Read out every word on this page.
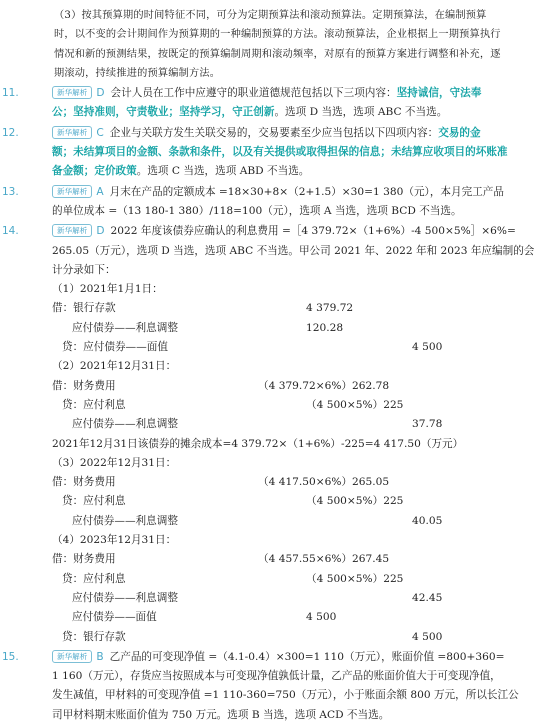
（3）按其预算期的时间特征不同，可分为定期预算法和滚动预算法。定期预算法，在编制预算
时，以不变的会计期间作为预算期的一种编制预算的方法。滚动预算法，企业根据上一期预算执行
情况和新的预测结果，按既定的预算编制周期和滚动频率，对原有的预算方案进行调整和补充，逐
期滚动，持续推进的预算编制方法。
11.	新华解析 D 会计人员在工作中应遵守的职业道德规范包括以下三项内容：坚持诚信，守法奉
公；坚持准则，守责敬业；坚持学习，守正创新。选项 D 当选，选项 ABC 不当选。
12.	新华解析 C 企业与关联方发生关联交易的，交易要素至少应当包括以下四项内容：交易的金
额；未结算项目的金额、条款和条件，以及有关提供或取得担保的信息；未结算应收项目的坏账准
备金额；定价政策。选项 C 当选，选项 ABD 不当选。
13.	新华解析 A 月末在产品的定额成本 =18×30+8×（2+1.5）×30=1 380（元），本月完工产品
的单位成本 =（13 180-1 380）/118=100（元），选项 A 当选，选项 BCD 不当选。
14.	新华解析 D 2022 年度该债券应确认的利息费用 =［4 379.72×（1+6%）-4 500×5%］×6%=
265.05（万元），选项 D 当选，选项 ABC 不当选。甲公司 2021 年、2022 年和 2023 年应编制的会
计分录如下：
（1）2021年1月1日：
借：银行存款	4 379.72
应付债券——利息调整	120.28
贷：应付债券——面值	4 500
（2）2021年12月31日：
借：财务费用	（4 379.72×6%）262.78
贷：应付利息	（4 500×5%）225
应付债券——利息调整	37.78
2021年12月31日该债券的摊余成本=4 379.72×（1+6%）-225=4 417.50（万元）
（3）2022年12月31日：
借：财务费用	（4 417.50×6%）265.05
贷：应付利息	（4 500×5%）225
应付债券——利息调整	40.05
（4）2023年12月31日：
借：财务费用	（4 457.55×6%）267.45
贷：应付利息	（4 500×5%）225
应付债券——利息调整	42.45
应付债券——面值	4 500
贷：银行存款	4 500
15.	新华解析 B 乙产品的可变现净值 =（4.1-0.4）×300=1 110（万元），账面价值 =800+360=
1 160（万元），存货应当按照成本与可变现净值孰低计量，乙产品的账面价值大于可变现净值，
发生减值，甲材料的可变现净值 =1 110-360=750（万元），小于账面余额 800 万元，所以长江公
司甲材料期末账面价值为 750 万元。选项 B 当选，选项 ACD 不当选。
